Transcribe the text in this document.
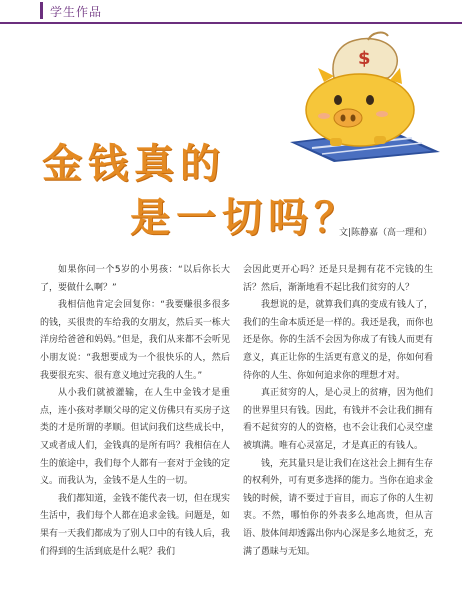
学生作品
$
金钱真的
是一切吗？
文|陈静嘉（高一理和）

如果你问一个5岁的小男孩：“以后你长大了，要做什么啊？”

我相信他肯定会回复你：“我要赚很多很多的钱，买很贵的车给我的女朋友，然后买一栋大洋房给爸爸和妈妈。”但是，我们从来都不会听见小朋友说：“我想要成为一个很快乐的人，然后我要很充实、很有意义地过完我的人生。”

从小我们就被灌输，在人生中金钱才是重点，连小孩对孝顺父母的定义仿佛只有买房子这类的才是所谓的孝顺。但试问我们这些成长中，又或者成人们，金钱真的是所有吗？我相信在人生的旅途中，我们每个人都有一套对于金钱的定义。而我认为，金钱不是人生的一切。

我们都知道，金钱不能代表一切，但在现实生活中，我们每个人都在追求金钱。问题是，如果有一天我们都成为了别人口中的有钱人后，我们得到的生活到底是什么呢？我们

会因此更开心吗？还是只是拥有花不完钱的生活？然后，渐渐地看不起比我们贫穷的人？

我想说的是，就算我们真的变成有钱人了，我们的生命本质还是一样的。我还是我，而你也还是你。你的生活不会因为你成了有钱人而更有意义，真正让你的生活更有意义的是，你如何看待你的人生、你如何追求你的理想才对。

真正贫穷的人，是心灵上的贫瘠，因为他们的世界里只有钱。因此，有钱并不会让我们拥有看不起贫穷的人的资格，也不会让我们心灵空虚被填满。唯有心灵富足，才是真正的有钱人。

钱，充其量只是让我们在这社会上拥有生存的权利外，可有更多选择的能力。当你在追求金钱的时候，请不要过于盲目，而忘了你的人生初衷。不然，哪怕你的外表多么地高贵，但从言语、肢体间却透露出你内心深是多么地贫乏，充满了愚昧与无知。
